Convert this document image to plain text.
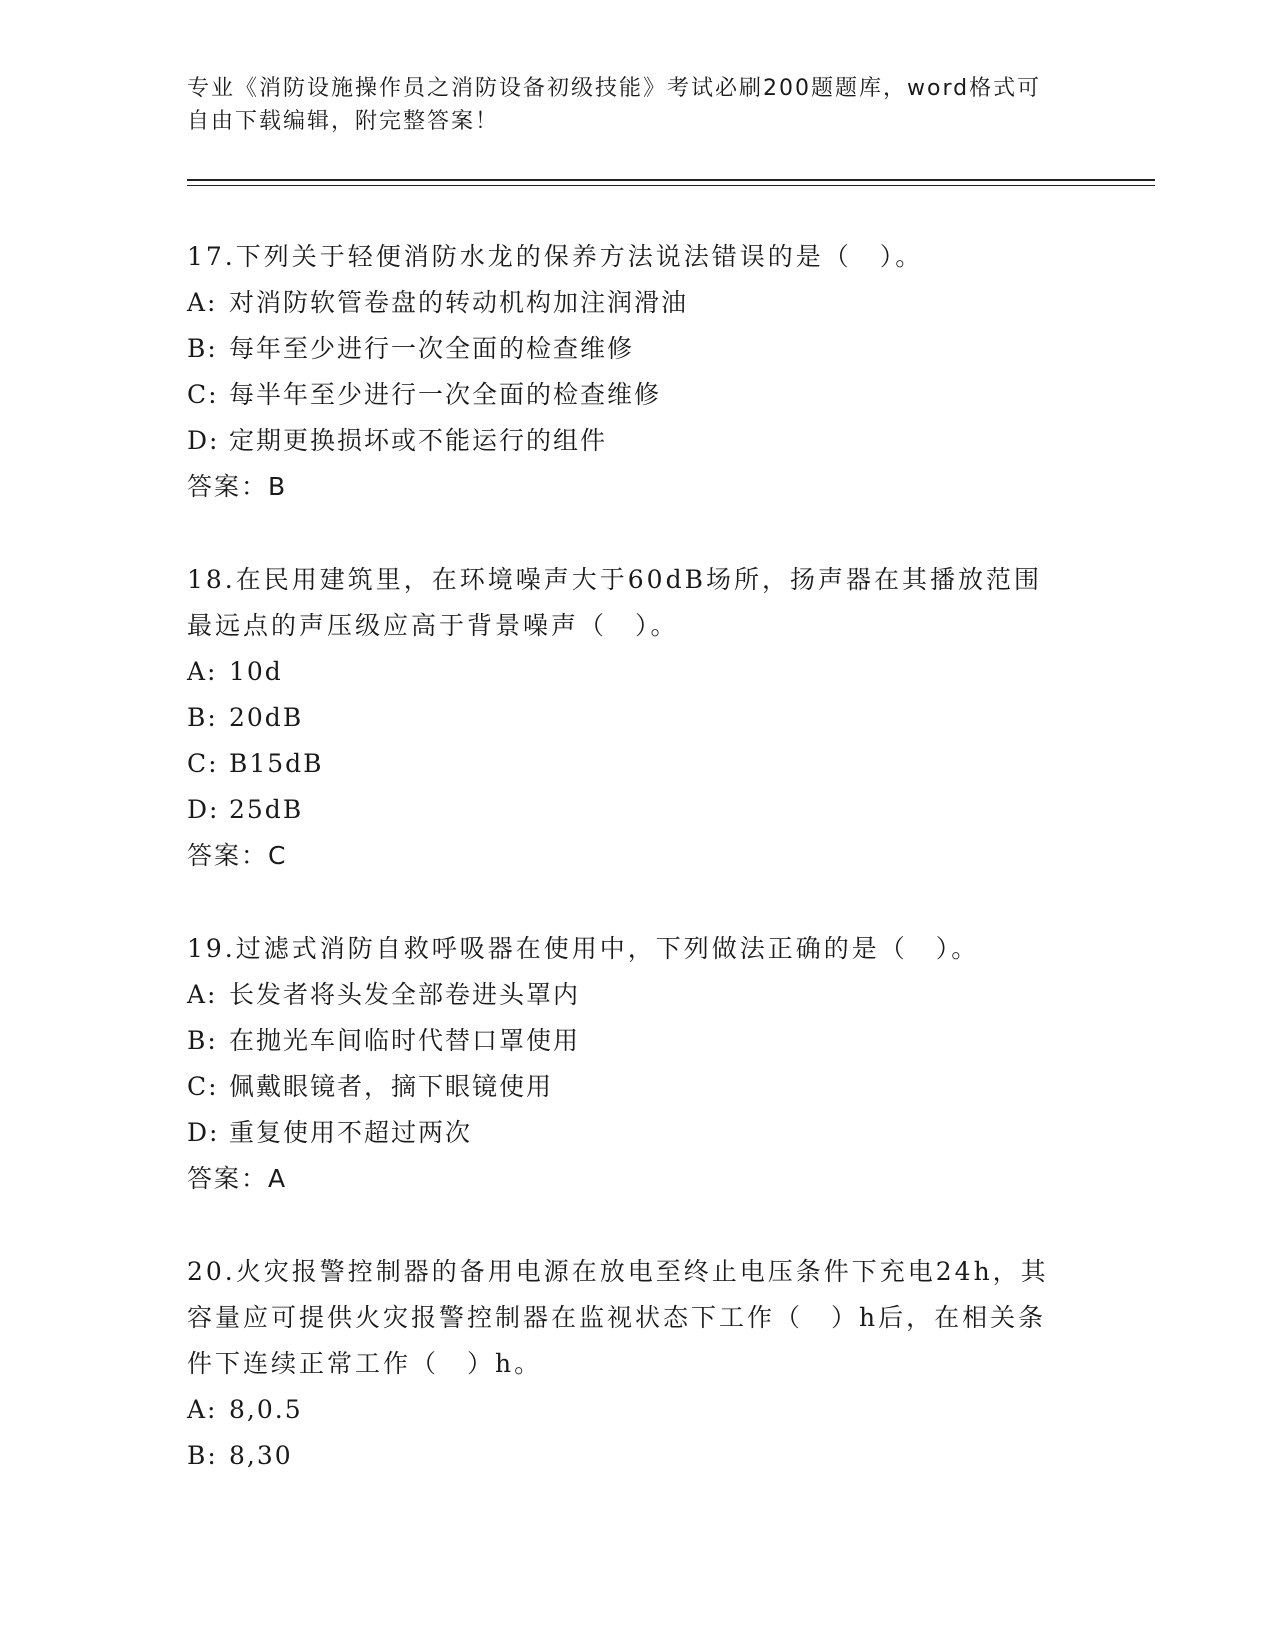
专业《消防设施操作员之消防设备初级技能》考试必刷200题题库，word格式可
自由下载编辑，附完整答案！
17.下列关于轻便消防水龙的保养方法说法错误的是（　）。
A: 对消防软管卷盘的转动机构加注润滑油
B: 每年至少进行一次全面的检查维修
C: 每半年至少进行一次全面的检查维修
D: 定期更换损坏或不能运行的组件
答案：B
18.在民用建筑里，在环境噪声大于60dB场所，扬声器在其播放范围
最远点的声压级应高于背景噪声（　）。
A: 10d
B: 20dB
C: B15dB
D: 25dB
答案：C
19.过滤式消防自救呼吸器在使用中，下列做法正确的是（　）。
A: 长发者将头发全部卷进头罩内
B: 在抛光车间临时代替口罩使用
C: 佩戴眼镜者，摘下眼镜使用
D: 重复使用不超过两次
答案：A
20.火灾报警控制器的备用电源在放电至终止电压条件下充电24h，其
容量应可提供火灾报警控制器在监视状态下工作（　）h后，在相关条
件下连续正常工作（　）h。
A: 8,0.5
B: 8,30
